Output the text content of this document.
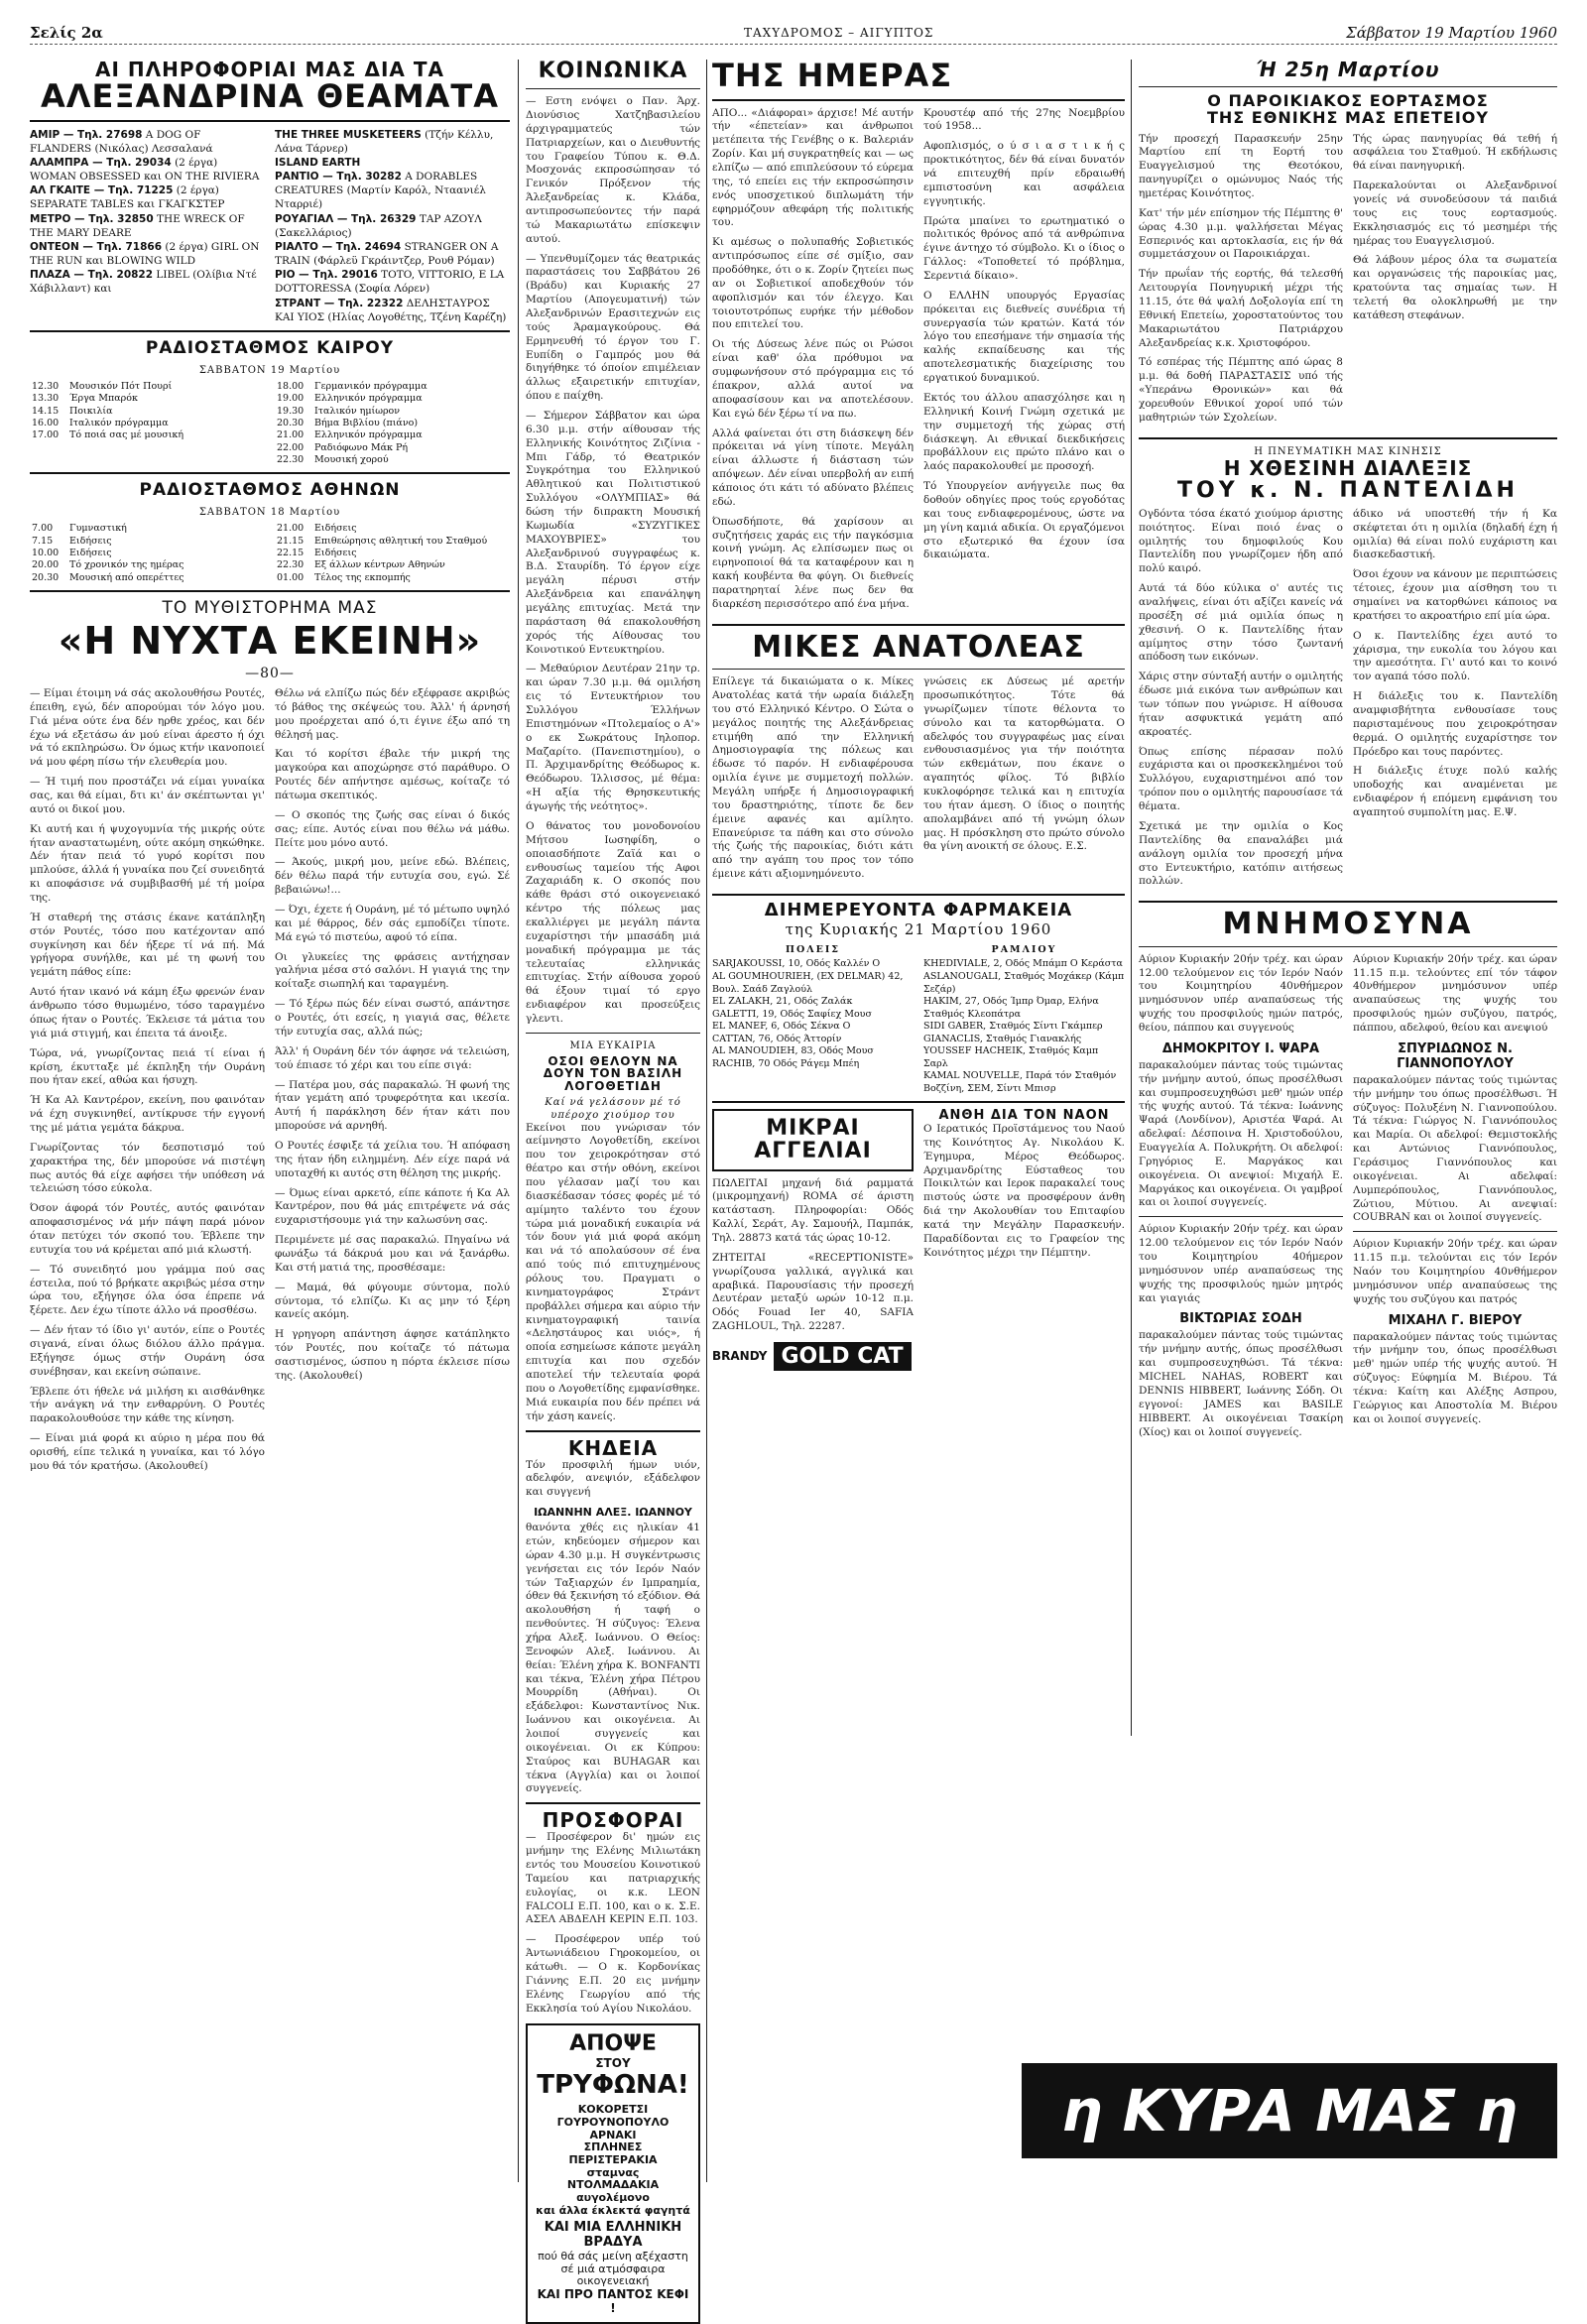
Σελίς 2α	ΤΑΧΥΔΡΟΜΟΣ – ΑΙΓΥΠΤΟΣ	Σάββατον 19 Μαρτίου 1960
ΑΙ ΠΛΗΡΟΦΟΡΙΑΙ ΜΑΣ ΔΙΑ ΤΑ
ΑΛΕΞΑΝΔΡΙΝΑ ΘΕΑΜΑΤΑ

ΑΜΙΡ — Τηλ. 27698 A DOG OF FLANDERS (Νικόλας) Λεσσαλανά

ΑΛΑΜΠΡΑ — Τηλ. 29034 (2 έργα) WOMAN OBSESSED και ON THE RIVIERA

ΑΛ ΓΚΑΙΤΕ — Τηλ. 71225 (2 έργα) SEPARATE TABLES και ΓΚΑΓΚΣΤΕΡ

ΜΕΤΡΟ — Τηλ. 32850 THE WRECK OF THE MARY DEARE

ΟΝΤΕΟΝ — Τηλ. 71866 (2 έργα) GIRL ON THE RUN και BLOWING WILD

ΠΛΑΖΑ — Τηλ. 20822 LIBEL (Ολίβια Ντέ Χάβιλλαντ) και

THE THREE MUSKETEERS (Τζήν Κέλλυ, Λάνα Τάρνερ)

ISLAND EARTH

ΡΑΝΤΙΟ — Τηλ. 30282 A DORABLES CREATURES (Μαρτίν Καρόλ, Νταανιέλ Νταρριέ)

ΡΟΥΑΓΙΑΛ — Τηλ. 26329 ΤΑΡ ΑΖΟΥΛ (Σακελλάριος)

ΡΙΑΛΤΟ — Τηλ. 24694 STRANGER ON A TRAIN (Φάρλεϋ Γκράιντζερ, Ρουθ Ρόμαν)

ΡΙΟ — Τηλ. 29016 TOTO, VITTORIO, E LA DOTTORESSA (Σοφία Λόρεν)

ΣΤΡΑΝΤ — Τηλ. 22322 ΔΕΛΗΣΤΑΥΡΟΣ ΚΑΙ ΥΙΟΣ (Ηλίας Λογοθέτης, Τζένη Καρέζη)

ΡΑΔΙΟΣΤΑΘΜΟΣ ΚΑΙΡΟΥ
ΣΑΒΒΑΤΟΝ 19 Μαρτίου
12.30	Μουσικόν Πότ Πουρί
13.30	Έργα Μπαρόκ
14.15	Ποικιλία
16.00	Ιταλικόν πρόγραμμα
17.00	Τό ποιά σας μέ μουσική
18.00	Γερμανικόν πρόγραμμα
19.00	Ελληνικόν πρόγραμμα
19.30	Ιταλικόν ημίωρον
20.30	Βήμα Βιβλίου (πιάνο)
21.00	Ελληνικόν πρόγραμμα
22.00	Ραδιόφωνο Μάκ Ρή
22.30	Μουσική χορού
ΡΑΔΙΟΣΤΑΘΜΟΣ ΑΘΗΝΩΝ
ΣΑΒΒΑΤΟΝ 18 Μαρτίου
7.00	Γυμναστική
7.15	Ειδήσεις
10.00	Ειδήσεις
20.00	Τό χρονικόν της ημέρας
20.30	Μουσική από οπερέττες
21.00	Ειδήσεις
21.15	Επιθεώρησις αθλητική του Σταθμού
22.15	Ειδήσεις
22.30	Εξ άλλων κέντρων Αθηνών
01.00	Τέλος της εκπομπής
ΤΟ ΜΥΘΙΣΤΟΡΗΜΑ ΜΑΣ
«Η ΝΥΧΤΑ ΕΚΕΙΝΗ»
—80—

— Είμαι έτοιμη νά σάς ακολουθήσω Ρουτές, έπειθη, εγώ, δέν απορούμαι τόν λόγο μου. Γιά μένα ούτε ένα δέν ηρθε χρέος, και δέν έχω νά εξετάσω άν μού είναι άρεστο ή όχι νά τό εκπληρώσω. Όν όμως κτήν ικανοποιεί νά μου φέρη πίσω τήν ελευθερία μου.

— Ή τιμή που προστάζει νά είμαι γυναίκα σας, και θά είμαι, δτι κι' άν σκέπτωνται γι' αυτό οι δικοί μου.

Κι αυτή και ή ψυχογυμνία τής μικρής ούτε ήταν αναστατωμένη, ούτε ακόμη σηκώθηκε. Δέν ήταν πειά τό γυρό κορίτσι που μπλούσε, άλλά ή γυναίκα που ζεί συνειδητά κι αποφάσισε νά συμβιβασθή μέ τή μοίρα της.

Ή σταθερή της στάσις έκανε κατάπληξη στόν Ρουτές, τόσο που κατέχονταν από συγκίνηση και δέν ήξερε τί νά πή. Μά γρήγορα συνήλθε, και μέ τη φωνή του γεμάτη πάθος είπε:

Αυτό ήταν ικανό νά κάμη έξω φρενών έναν άνθρωπο τόσο θυμωμένο, τόσο ταραγμένο όπως ήταν ο Ρουτές. Έκλεισε τά μάτια του γιά μιά στιγμή, και έπειτα τά άνοιξε.

Τώρα, νά, γνωρίζοντας πειά τί είναι ή κρίση, έκυτταξε μέ έκπληξη τήν Ουράνη που ήταν εκεί, αθώα και ήσυχη.

Ή Κα Αλ Καντρέρον, εκείνη, που φαινόταν νά έχη συγκινηθεί, αντίκρυσε τήν εγγονή της μέ μάτια γεμάτα δάκρυα.

Γνωρίζοντας τόν δεσποτισμό τού χαρακτήρα της, δέν μπορούσε νά πιστέψη πως αυτός θά είχε αφήσει τήν υπόθεση νά τελειώση τόσο εύκολα.

Όσον άφορά τόν Ρουτές, αυτός φαινόταν αποφασισμένος νά μήν πάψη παρά μόνον όταν πετύχει τόν σκοπό του. Έβλεπε την ευτυχία του νά κρέμεται από μιά κλωστή.

— Τό συνειδητό μου γράμμα πού σας έστειλα, πού τό βρήκατε ακριβώς μέσα στην ώρα του, εξήγησε όλα όσα έπρεπε νά ξέρετε. Δεν έχω τίποτε άλλο νά πρoσθέσω.

— Δέν ήταν τό ίδιο γι' αυτόν, είπε ο Ρουτές σιγανά, είναι όλως διόλου άλλο πράγμα. Εξήγησε όμως στήν Ουράνη όσα συνέβησαν, και εκείνη σώπαινε.

Έβλεπε ότι ήθελε νά μιλήση κι αισθάνθηκε τήν ανάγκη νά την ενθαρρύνη. Ο Ρουτές παρακολουθούσε την κάθε της κίνηση.

— Είναι μιά φορά κι αύριο η μέρα που θά ορισθή, είπε τελικά η γυναίκα, και τό λόγο μου θά τόν κρατήσω. (Ακολουθεί)

Θέλω νά ελπίζω πώς δέν εξέφρασε ακριβώς τό βάθος της σκέψεώς του. Άλλ' ή άρνησή μου προέρχεται από ό,τι έγινε έξω από τη θέλησή μας.

Και τό κορίτσι έβαλε τήν μικρή της μαγκούρα και αποχώρησε στό παράθυρο. Ο Ρουτές δέν απήντησε αμέσως, κοίταζε τό πάτωμα σκεπτικός.

— Ο σκοπός της ζωής σας είναι ό δικός σας; είπε. Αυτός είναι που θέλω νά μάθω. Πείτε μου μόνο αυτό.

— Άκούς, μικρή μου, μείνε εδώ. Βλέπεις, δέν θέλω παρά τήν ευτυχία σου, εγώ. Σέ βεβαιώνω!...

— Όχι, έχετε ή Ουράνη, μέ τό μέτωπο υψηλό και μέ θάρρος, δέν σάς εμποδίζει τίποτε. Μά εγώ τό πιστεύω, αφού τό είπα.

Οι γλυκείες της φράσεις αντήχησαν γαλήνια μέσα στό σαλόνι. Η γιαγιά της την κοίταξε σιωπηλή και ταραγμένη.

— Τό ξέρω πώς δέν είναι σωστό, απάντησε ο Ρουτές, ότι εσείς, η γιαγιά σας, θέλετε τήν ευτυχία σας, αλλά πώς;

Άλλ' ή Ουράνη δέν τόν άφησε νά τελειώση, τού έπιασε τό χέρι και του είπε σιγά:

— Πατέρα μου, σάς παρακαλώ. Ή φωνή της ήταν γεμάτη από τρυφερότητα και ικεσία. Αυτή ή παράκληση δέν ήταν κάτι που μπορούσε νά αρνηθή.

Ο Ρουτές έσφιξε τά χείλια του. Ή απόφαση της ήταν ήδη ειλημμένη. Δέν είχε παρά νά υποταχθή κι αυτός στη θέληση της μικρής.

— Όμως είναι αρκετό, είπε κάποτε ή Κα Αλ Καντρέρον, που θά μάς επιτρέψετε νά σάς ευχαριστήσουμε γιά την καλωσύνη σας.

Περιμένετε μέ σας παρακαλώ. Πηγαίνω νά φωνάξω τά δάκρυά μου και νά ξανάρθω. Και στή ματιά της, προσθέσαμε:

— Μαμά, θά φύγουμε σύντομα, πολύ σύντομα, τό ελπίζω. Κι ας μην τό ξέρη κανείς ακόμη.

Η γρηγορη απάντηση άφησε κατάπληκτο τόν Ρουτές, που κοίταζε τό πάτωμα σαστισμένος, ώσπου η πόρτα έκλεισε πίσω της. (Ακολουθεί)

ΚΟΙΝΩΝΙΚΑ

— Εστη ενόψει ο Παν. Άρχ. Διονύσιος Χατζηβασιλείου άρχιγραμματεύς τών Πατριαρχείων, και ο Διευθυντής του Γραφείου Τύπου κ. Θ.Δ. Μοσχονάς εκπροσώπησαν τό Γενικόν Πρόξενον τής Άλεξανδρείας κ. Κλάδα, αντιπροσωπεύοντες τήν παρά τώ Μακαριωτάτω επίσκεψιν αυτού.

— Υπενθυμίζομεν τάς θεατρικάς παραστάσεις του Σαββάτου 26 (Βράδυ) και Κυριακής 27 Μαρτίου (Απογευματινή) τών Αλεξανδρινών Ερασιτεχνών εις τούς Άραμαγκούρους. Θά Ερμηνευθή τό έργον του Γ. Ευπίδη ο Γαμπρός μου θά διηγήθηκε τό όποίον επιμέλειαν άλλως εξαιρετικήν επιτυχίαν, όπου ε παίχθη.

— Σήμερον Σάββατον και ώρα 6.30 μ.μ. στήν αίθουσαν τής Ελληνικής Κοινότητος Ζιζίνια - Μπι Γάδρ, τό Θεατρικόν Συγκρότημα του Ελληνικού Αθλητικού και Πολιτιστικού Συλλόγου «ΟΛΥΜΠΙΑΣ» θά δώση τήν διπρακτη Μουσική Κωμωδία «ΣΥΖΥΓΙΚΕΣ ΜΑΧΟΥΒΡΙΕΣ» του Αλεξανδρινού συγγραφέως κ. Β.Δ. Σταυρίδη. Τό έργον είχε μεγάλη πέρυσι στήν Αλεξάνδρεια και επανάληψη μεγάλης επιτυχίας. Μετά την παράσταση θά επακολουθήση χορός τής Αίθουσας του Κοινοτικού Εντευκτηρίου.

— Μεθαύριον Δευτέραν 21ην τρ. και ώραν 7.30 μ.μ. θά ομιλήση εις τό Εντευκτήριον του Συλλόγου Έλλήνων Επιστημόνων «Πτολεμαίος ο Α'» ο εκ Σωκράτους Ιηλοπορ. Μαζαρίτο. (Πανεπιστημίου), ο Π. Άρχιμανδρίτης Θεόδωρος κ. Θεόδωρου. Ίλλισσος, μέ θέμα: «Η αξία τής Θρησκευτικής άγωγής τής νεότητος».

Ο θάνατος του μονοδονοίου Μήτσου Ιωσηφίδη, ο οποιασδήποτε Ζαϊά και ο ενθουσίως ταμείου τής Αφοι Ζαχαριάδη κ. Ο σκοπός που κάθε θράσι στό οικογενειακό κέντρο τής πόλεως μας εκαλλιέργει με μεγάλη πάντα ευχαρίστησι τήν μπασάδη μιά μοναδική πρόγραμμα με τάς τελευταίας ελληνικάς επιτυχίας. Στήν αίθουσα χορού θά έξουν τιμαί τό εργο ενδιαφέρον και προσεύξεις γλεντι.

ΜΙΑ ΕΥΚΑΙΡΙΑ
ΟΣΟΙ ΘΕΛΟΥΝ ΝΑ ΔΟΥΝ ΤΟΝ ΒΑΣΙΛΗ ΛΟΓΟΘΕΤΙΔΗ
Καί νά γελάσουν μέ τό υπέροχο χιούμορ του

Εκείνοι που γνώρισαν τόν αείμνηστο Λογοθετίδη, εκείνοι που τον χειροκρότησαν στό θέατρο και στήν οθόνη, εκείνοι που γέλασαν μαζί του και διασκέδασαν τόσες φορές μέ τό αμίμητο ταλέντο του έχουν τώρα μιά μοναδική ευκαιρία νά τόν δουν γιά μιά φορά ακόμη και νά τό απολαύσουν σέ ένα από τούς πιό επιτυχημένους ρόλους του. Πραγματι ο κινηματογράφος Στράντ προβάλλει σήμερα και αύριο τήν κινηματογραφική ταινία «Δεληστάυρος και υιός», ή οποία εσημείωσε κάποτε μεγάλη επιτυχία και που σχεδόν αποτελεί τήν τελευταία φορά που ο Λογοθετίδης εμφανίσθηκε. Μιά ευκαιρία που δέν πρέπει νά τήν χάση κανείς.

ΚΗΔΕΙΑ

Τόν προσφιλή ήμων υιόν, αδελφόν, ανεψιόν, εξάδελφον και συγγενή

ΙΩΑΝΝΗΝ ΑΛΕΞ. ΙΩΑΝΝΟΥ

θανόντα χθές εις ηλικίαν 41 ετών, κηδεύομεν σήμερον και ώραν 4.30 μ.μ. Η συγκέντρωσις γενήσεται εις τόν Ιερόν Ναόν τών Ταξιαρχών έν Ιμπραημία, όθεν θά ξεκινήση τό εξόδιον. Θά ακολουθήση ή ταφή ο πενθούντες. Ή σύζυγος: Έλενα χήρα Αλεξ. Ιωάννου. Ο Θείος: Ξενοφών Αλεξ. Ιωάννου. Αι θείαι: Έλένη χήρα Κ. BONFANTI και τέκνα, Έλένη χήρα Πέτρου Μουρρίδη (Αθήναι). Οι εξάδελφοι: Κωνσταντίνος Νικ. Ιωάννου και οικογένεια. Αι λοιποί συγγενείς και οικογένειαι. Οι εκ Κύπρου: Σταύρος και BUHAGAR και τέκνα (Αγγλία) και οι λοιποί συγγενείς.

ΠΡΟΣΦΟΡΑΙ

— Προσέφερον δι' ημών εις μνήμην της Ελένης Μιλιωτάκη εντός του Μουσείου Κοινοτικού Ταμείου και πατριαρχικής ευλογίας, οι κ.κ. LEON FALCOLI Ε.Π. 100, και ο κ. Σ.Ε. ΑΣΕΛ ΑΒΔΕΛΗ ΚΕΡΙΝ Ε.Π. 103.

— Προσέφερον υπέρ τού Άντωνιάδειου Γηροκομείου, οι κάτωθι. — Ο κ. Κορδονίκας Γιάννης Ε.Π. 20 εις μνήμην Ελένης Γεωργίου από τής Εκκλησία τού Αγίου Νικολάου.

ΑΠΟΨΕ
ΣΤΟΥ
ΤΡΥΦΩΝΑ!
ΚΟΚΟΡΕΤΣΙ
ΓΟΥΡΟΥΝΟΠΟΥΛΟ
ΑΡΝΑΚΙ
ΣΠΛΗΝΕΣ
ΠΕΡΙΣΤΕΡΑΚΙΑ
σταμνας
ΝΤΟΛΜΑΔΑΚΙΑ
αυγολέμονο
και άλλα έκλεκτά φαγητά
ΚΑΙ ΜΙΑ ΕΛΛΗΝΙΚΗ ΒΡΑΔΥΑ
πού θά σάς μείνη αξέχαστη
σέ μιά ατμόσφαιρα οικογενειακή
ΚΑΙ ΠΡΟ ΠΑΝΤΟΣ ΚΕΦΙ !
ΤΗΣ ΗΜΕΡΑΣ

ΑΠΟ... «Διάφοραι» άρχισε! Μέ αυτήν τήν «έπετείαν» και άνθρωποι μετέπειτα τής Γενέβης ο κ. Βαλεριάν Ζορίν. Και μή συγκρατηθείς και — ως ελπίζω — από επιπλεύσουν τό εύρεμα της, τό επείει εις τήν εκπροσώπησιν ενός υποσχετικού διπλωμάτη τήν εφηρμόζουν αθεφάρη τής πολιτικής του.

Κι αμέσως ο πολυπαθής Σοβιετικός αντιπρόσωπος είπε σέ σμίξιο, σαν προδόθηκε, ότι ο κ. Ζορίν ζητείει πως αν οι Σοβιετικοί αποδεχθούν τόν αφοπλισμόν και τόν έλεγχο. Και τοιουτοτρόπως ευρήκε τήν μέθοδον που επιτελεί του.

Οι τής Δύσεως λένε πώς οι Ρώσοι είναι καθ' όλα πρόθυμοι να συμφωνήσουν στό πρόγραμμα εις τό έπακρον, αλλά αυτοί να αποφασίσουν και να αποτελέσουν. Και εγώ δέν ξέρω τί να πω.

Αλλά φαίνεται ότι στη διάσκεψη δέν πρόκειται νά γίνη τίποτε. Μεγάλη είναι άλλωστε ή διάσταση τών απόψεων. Δέν είναι υπερβολή αν ειπή κάποιος ότι κάτι τό αδύνατο βλέπεις εδώ.

Όπωσδήποτε, θά χαρίσουν αι συζητήσεις χαράς εις τήν παγκόσμια κοινή γνώμη. Ας ελπίσωμεν πως οι ειρηνοποιοί θά τα καταφέρουν και η κακή κουβέντα θα φύγη. Οι διεθνείς παρατηρηταί λένε πως δεν θα διαρκέση περισσότερο από ένα μήνα.

Κρουστέφ από τής 27ης Νοεμβρίου τού 1958...

Αφοπλισμός, ο ύ σ ι α σ τ ι κ ή ς προκτικότητος, δέν θά είναι δυνατόν νά επιτευχθή πρίν εδραιωθή εμπιστοσύνη και ασφάλεια εγγυητικής.

Πρώτα μπαίνει το ερωτηματικό ο πολιτικός θρόνος από τά ανθρώπινα έγινε άντηχο τό σύμβολο. Κι ο ίδιος ο Γάλλος: «Τοποθετεί τό πρόβλημα, Σερεντιά δίκαιο».

Ο ΕΛΛΗΝ υπουργός Εργασίας πρόκειται εις διεθνείς συνέδρια τή συνεργασία τών κρατών. Κατά τόν λόγο του επεσήμανε τήν σημασία τής καλής εκπαίδευσης και τής αποτελεσματικής διαχείρισης του εργατικού δυναμικού.

Εκτός του άλλου απασχόλησε και η Ελληνική Κοινή Γνώμη σχετικά με την συμμετοχή τής χώρας στή διάσκεψη. Αι εθνικαί διεκδικήσεις προβάλλουν εις πρώτο πλάνο και ο λαός παρακολουθεί με προσοχή.

Τό Υπουργείον ανήγγειλε πως θα δοθούν οδηγίες προς τούς εργοδότας και τους ενδιαφερομένους, ώστε να μη γίνη καμιά αδικία. Οι εργαζόμενοι στο εξωτερικό θα έχουν ίσα δικαιώματα.

ΜΙΚΕΣ ΑΝΑΤΟΛΕΑΣ

Επίλεγε τά δικαιώματα ο κ. Μίκες Ανατολέας κατά τήν ωραία διάλεξη του στό Ελληνικό Κέντρο. Ο Σώτα ο μεγάλος ποιητής της Αλεξάνδρειας ετιμήθη από την Ελληνική Δημοσιογραφία της πόλεως και έδωσε τό παρόν. Η ενδιαφέρουσα ομιλία έγινε με συμμετοχή πολλών. Μεγάλη υπήρξε ή Δημοσιογραφική του δραστηριότης, τίποτε δε δεν έμεινε αφανές και αμίλητο. Επανεύρισε τα πάθη και στο σύνολο τής ζωής τής παροικίας, διότι κάτι από την αγάπη του προς τον τόπο έμεινε κάτι αξιομνημόνευτο.

γνώσεις εκ Δύσεως μέ αρετήν προσωπικότητος. Τότε θά γνωρίζωμεν τίποτε θέλοντα το σύνολο και τα κατορθώματα. Ο αδελφός του συγγραφέως μας είναι ενθουσιασμένος για τήν ποιότητα τών εκθεμάτων, που έκανε ο αγαπητός φίλος. Τό βιβλίο κυκλοφόρησε τελικά και η επιτυχία του ήταν άμεση. Ο ίδιος ο ποιητής απολαμβάνει από τή γνώμη όλων μας. Η πρόσκληση στο πρώτο σύνολο θα γίνη ανοικτή σε όλους. Ε.Σ.

ΔΙΗΜΕΡΕΥΟΝΤΑ ΦΑΡΜΑΚΕΙΑ
της Κυριακής 21 Μαρτίου 1960
ΠΟΛΕΙΣ
SARJAKOUSSI, 10, Οδός Καλλέν Ο
AL GOUMHOURIEH, (EX DELMAR) 42, Βουλ. Σαάδ Ζαγλούλ
EL ZALAKH, 21, Οδός Ζαλάκ
GALETTI, 19, Οδός Σαφίεχ Μουσ
EL MANEF, 6, Οδός Σέκνα Ο
CATTAN, 76, Οδός Άττορίν
AL MANOUDIEH, 83, Οδός Μουσ
RACHIB, 70 Οδός Ράγεμ Μπέη
ΡΑΜΛΙΟΥ
KHEDIVIALE, 2, Οδός Μπάμπ Ο Κεράστα
ASLANOUGALI, Σταθμός Μοχάκερ (Κάμπ Σεζάρ)
HAKIM, 27, Οδός Ίμπρ Όμαρ, Ελήνα Σταθμός Κλεοπάτρα
SIDI GABER, Σταθμός Σίντι Γκάμπερ
GIANACLIS, Σταθμός Γιανακλής
YOUSSEF HACHEIK, Σταθμός Καμπ Σαρλ
KAMAL NOUVELLE, Παρά τόν Σταθμόν Βοζζίνη, ΣΕΜ, Σίντι Μπισρ
ΜΙΚΡΑΙ ΑΓΓΕΛΙΑΙ

ΠΩΛΕΙΤΑΙ μηχανή διά ραμματά (μικρομηχανή) ROMA σέ άριστη κατάσταση. Πληροφορίαι: Οδός Καλλί, Σεράτ, Αγ. Σαμουήλ, Παμπάκ, Τηλ. 28873 κατά τάς ώρας 10-12.

ΖΗΤΕΙΤΑΙ «RECEPTIONISTE» γνωρίζουσα γαλλικά, αγγλικά και αραβικά. Παρουσίασις τήν προσεχή Δευτέραν μεταξύ ωρών 10-12 π.μ. Οδός Fouad Ier 40, SAFIA ZAGHLOUL, Τηλ. 22287.

BRANDY GOLD CAT
ΑΝΘΗ ΔΙΑ ΤΟΝ ΝΑΟΝ

Ο Ιερατικός Προϊστάμενος του Ναού της Κοινότητος Αγ. Νικολάου Κ. Έγημυρα, Μέρος Θεόδωρος. Αρχιμανδρίτης Εύσταθεος του Ποικιλτών και Ιεροκ παρακαλεί τους πιστούς ώστε να προσφέρουν άνθη διά την Ακολουθίαν του Επιταφίου κατά την Μεγάλην Παρασκευήν. Παραδίδονται εις το Γραφείον της Κοινότητος μέχρι την Πέμπτην.

Ή 25η Μαρτίου
Ο ΠΑΡΟΙΚΙΑΚΟΣ ΕΟΡΤΑΣΜΟΣ
ΤΗΣ ΕΘΝΙΚΗΣ ΜΑΣ ΕΠΕΤΕΙΟΥ

Τήν προσεχή Παρασκευήν 25ην Μαρτίου επί τη Εορτή του Ευαγγελισμού της Θεοτόκου, πανηγυρίζει ο ομώνυμος Ναός τής ημετέρας Κοινότητος.

Κατ' τήν μέν επίσημον τής Πέμπτης θ' ώρας 4.30 μ.μ. ψαλλήσεται Μέγας Εσπερινός και αρτοκλασία, εις ήν θά συμμετάσχουν οι Παροικιάρχαι.

Τήν πρωΐαν τής εορτής, θά τελεσθή Λειτουργία Πονηγυρική μέχρι τής 11.15, ότε θά ψαλή Δοξολογία επί τη Εθνική Επετείω, χοροστατούντος του Μακαριωτάτου Πατριάρχου Αλεξανδρείας κ.κ. Χριστοφόρου.

Τό εσπέρας τής Πέμπτης από ώρας 8 μ.μ. θά δοθή ΠΑΡΑΣΤΑΣΙΣ υπό τής «Υπεράνω Θρονικών» και θά χορευθούν Εθνικοί χοροί υπό τών μαθητριών τών Σχολείων.

Τής ώρας πανηγυρίας θά τεθή ή ασφάλεια του Σταθμού. Ή εκδήλωσις θά είναι πανηγυρική.

Παρεκαλούνται οι Αλεξανδρινοί γονείς νά συνοδεύσουν τά παιδιά τους εις τους εορτασμούς. Εκκλησιασμός εις τό μεσημέρι τής ημέρας του Ευαγγελισμού.

Θά λάβουν μέρος όλα τα σωματεία και οργανώσεις τής παροικίας μας, κρατούντα τας σημαίας των. Η τελετή θα ολοκληρωθή με την κατάθεση στεφάνων.

Η ΠΝΕΥΜΑΤΙΚΗ ΜΑΣ ΚΙΝΗΣΙΣ
Η ΧΘΕΣΙΝΗ ΔΙΑΛΕΞΙΣ
ΤΟΥ κ. Ν. ΠΑΝΤΕΛΙΔΗ

Ογδόντα τόσα έκατό χιούμορ άριστης ποιότητος. Είναι ποιό ένας ο ομιλητής του δημοφιλούς Κου Παντελίδη που γνωρίζομεν ήδη από πολύ καιρό.

Αυτά τά δύο κύλικα ο' αυτές τις αναλήψεις, είναι ότι αξίζει κανείς νά προσέξη σέ μιά ομιλία όπως η χθεσινή. Ο κ. Παντελίδης ήταν αμίμητος στην τόσο ζωντανή απόδοση των εικόνων.

Χάρις στην σύνταξή αυτήν ο ομιλητής έδωσε μιά εικόνα των ανθρώπων και των τόπων που γνώρισε. Η αίθουσα ήταν ασφυκτικά γεμάτη από ακροατές.

Όπως επίσης πέρασαν πολύ ευχάριστα και οι προσκεκλημένοι τού Συλλόγου, ευχαριστημένοι από τον τρόπον που ο ομιλητής παρουσίασε τά θέματα.

Σχετικά με την ομιλία ο Κος Παντελίδης θα επαναλάβει μιά ανάλογη ομιλία τον προσεχή μήνα στο Εντευκτήριο, κατόπιν αιτήσεως πολλών.

άδικο νά υποστεθή τήν ή Κα σκέφτεται ότι η ομιλία (δηλαδή έχη ή ομιλία) θά είναι πολύ ευχάριστη και διασκεδαστική.

Όσοι έχουν να κάνουν με περιπτώσεις τέτοιες, έχουν μια αίσθηση του τι σημαίνει να κατορθώνει κάποιος να κρατήσει το ακροατήριο επί μία ώρα.

Ο κ. Παντελίδης έχει αυτό το χάρισμα, την ευκολία του λόγου και την αμεσότητα. Γι' αυτό και το κοινό τον αγαπά τόσο πολύ.

Η διάλεξις του κ. Παντελίδη αναμφισβήτητα ενθουσίασε τους παρισταμένους που χειροκρότησαν θερμά. Ο ομιλητής ευχαρίστησε τον Πρόεδρο και τους παρόντες.

Η διάλεξις έτυχε πολύ καλής υποδοχής και αναμένεται με ενδιαφέρον ή επόμενη εμφάνιση του αγαπητού συμπολίτη μας. Ε.Ψ.

ΜΝΗΜΟΣΥΝΑ

Αύριον Κυριακήν 20ήν τρέχ. και ώραν 12.00 τελούμενον εις τόν Ιερόν Ναόν του Κοιμητηρίου 40νθήμερον μνημόσυνον υπέρ αναπαύσεως τής ψυχής του προσφιλούς ημών πατρός, θείου, πάππου και συγγενούς

ΔΗΜΟΚΡΙΤΟΥ Ι. ΨΑΡΑ

παρακαλούμεν πάντας τούς τιμώντας τήν μνήμην αυτού, όπως προσέλθωσι και συμπροσευχηθώσι μεθ' ημών υπέρ τής ψυχής αυτού. Τά τέκνα: Ιωάννης Ψαρά (Λονδίνον), Αριστέα Ψαρά. Αι αδελφαί: Δέσποινα Η. Χριστοδούλου, Ευαγγελία Α. Πολυκρήτη. Οι αδελφοί: Γρηγόριος Ε. Μαργάκος και οικογένεια. Οι ανεψιοί: Μιχαήλ Ε. Μαργάκος και οικογένεια. Οι γαμβροί και οι λοιποί συγγενείς.

Αύριον Κυριακήν 20ήν τρέχ. και ώραν 12.00 τελούμενον εις τόν Ιερόν Ναόν του Κοιμητηρίου 40ήμερον μνημόσυνον υπέρ αναπαύσεως της ψυχής της προσφιλούς ημών μητρός και γιαγιάς

ΒΙΚΤΩΡΙΑΣ ΣΟΔΗ

παρακαλούμεν πάντας τούς τιμώντας τήν μνήμην αυτής, όπως προσέλθωσι και συμπροσευχηθώσι. Τά τέκνα: MICHEL NAHAS, ROBERT και DENNIS HIBBERT, Ιωάννης Σόδη. Οι εγγονοί: JAMES και BASILE HIBBERT. Αι οικογένειαι Τσακίρη (Χίος) και οι λοιποί συγγενείς.

Αύριον Κυριακήν 20ήν τρέχ. και ώραν 11.15 π.μ. τελούντες επί τόν τάφον 40νθήμερον μνημόσυνον υπέρ αναπαύσεως της ψυχής του προσφιλούς ημών συζύγου, πατρός, πάππου, αδελφού, θείου και ανεψιού

ΣΠΥΡΙΔΩΝΟΣ Ν. ΓΙΑΝΝΟΠΟΥΛΟΥ

παρακαλούμεν πάντας τούς τιμώντας τήν μνήμην του όπως προσέλθωσι. Ή σύζυγος: Πολυξένη Ν. Γιαννοπούλου. Τά τέκνα: Γιώργος Ν. Γιαννόπουλος και Μαρία. Οι αδελφοί: Θεμιστοκλής και Αντώνιος Γιαννόπουλος, Γεράσιμος Γιαννόπουλος και οικογένειαι. Αι αδελφαί: Λυμπερόπουλος, Γιαννόπουλος, Ζώτιου, Μύτιου. Αι ανεψιαί: COUBRAN και οι λοιποί συγγενείς.

Αύριον Κυριακήν 20ήν τρέχ. και ώραν 11.15 π.μ. τελούνται εις τόν Ιερόν Ναόν του Κοιμητηρίου 40νθήμερον μνημόσυνον υπέρ αναπαύσεως της ψυχής του συζύγου και πατρός

ΜΙΧΑΗΛ Γ. ΒΙΕΡΟΥ

παρακαλούμεν πάντας τούς τιμώντας τήν μνήμην του, όπως προσέλθωσι μεθ' ημών υπέρ τής ψυχής αυτού. Ή σύζυγος: Εύφημία Μ. Βιέρου. Τά τέκνα: Καίτη και Αλέξης Ασπρου, Γεώργιος και Αποστολία Μ. Βιέρου και οι λοιποί συγγενείς.

η ΚΥΡΑ ΜΑΣ η ΜΑΜΜΗ
